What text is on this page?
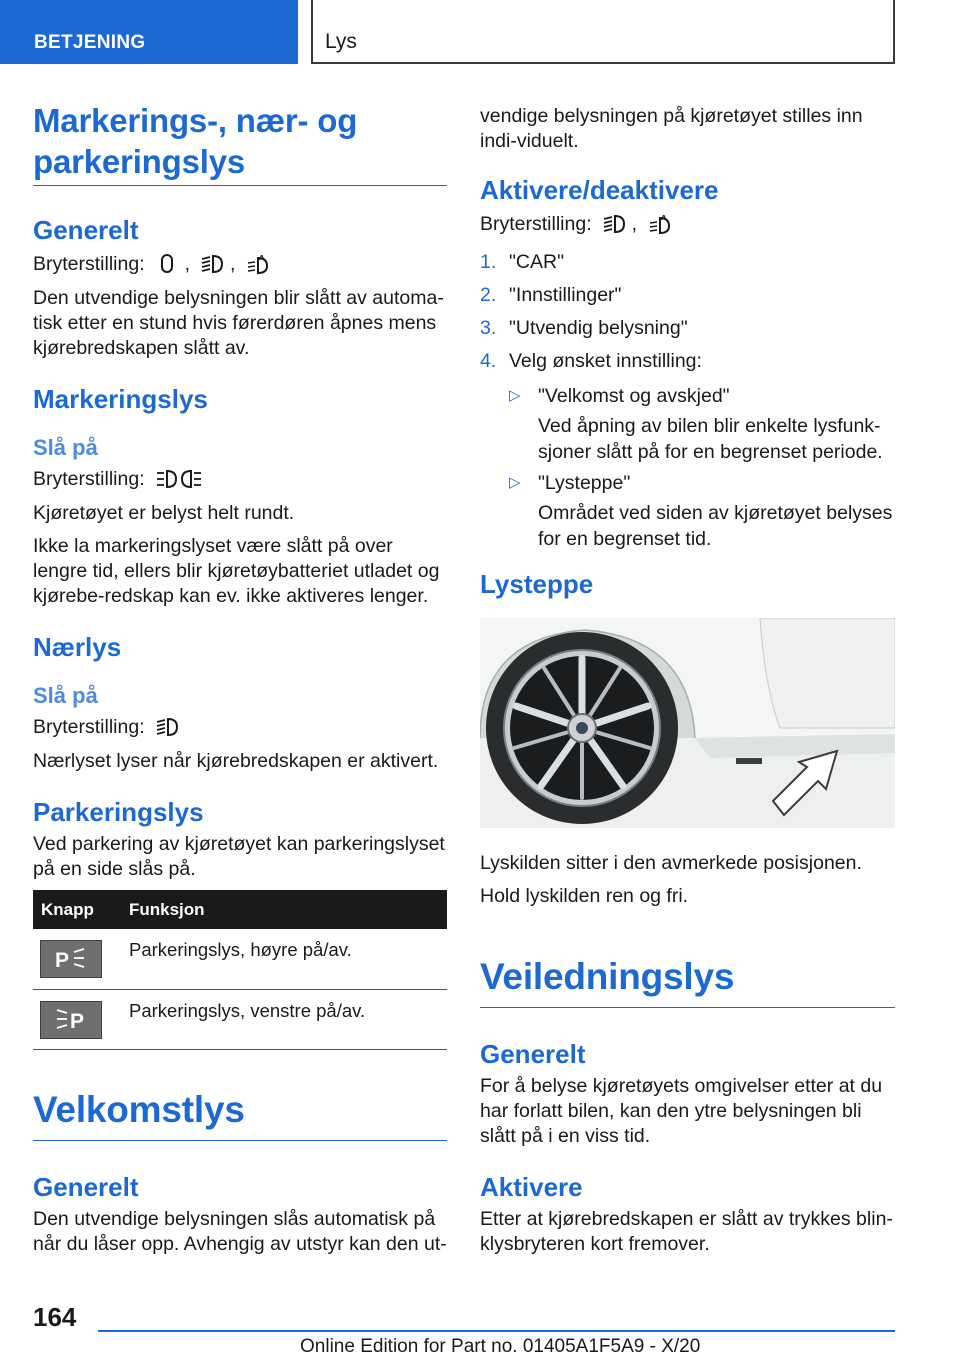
BETJENING	Lys
Markerings-, nær- og parkeringslys
Generelt
Bryterstilling: , ,	A
Den utvendige belysningen blir slått av automa-tisk etter en stund hvis førerdøren åpnes mens kjørebredskapen slått av.
Markeringslys
Slå på
Bryterstilling:
Kjøretøyet er belyst helt rundt.
Ikke la markeringslyset være slått på over lengre tid, ellers blir kjøretøybatteriet utladet og kjørebe-redskap kan ev. ikke aktiveres lenger.
Nærlys
Slå på
Bryterstilling:
Nærlyset lyser når kjørebredskapen er aktivert.
Parkeringslys
Ved parkering av kjøretøyet kan parkeringslyset på en side slås på.
Knapp	Funksjon

P	Parkeringslys, høyre på/av.

P	Parkeringslys, venstre på/av.
Velkomstlys
Generelt
Den utvendige belysningen slås automatisk på når du låser opp. Avhengig av utstyr kan den ut-
vendige belysningen på kjøretøyet stilles inn indi-viduelt.
Aktivere/deaktivere
Bryterstilling: ,	A
1. "CAR"
2. "Innstillinger"
3. "Utvendig belysning"
4. Velg ønsket innstilling:
▷ "Velkomst og avskjed"
Ved åpning av bilen blir enkelte lysfunk-sjoner slått på for en begrenset periode.
▷ "Lysteppe"
Området ved siden av kjøretøyet belyses for en begrenset tid.
Lysteppe
Lyskilden sitter i den avmerkede posisjonen.
Hold lyskilden ren og fri.
Veiledningslys
Generelt
For å belyse kjøretøyets omgivelser etter at du har forlatt bilen, kan den ytre belysningen bli slått på i en viss tid.
Aktivere
Etter at kjørebredskapen er slått av trykkes blin-klysbryteren kort fremover.
164
Online Edition for Part no. 01405A1F5A9 - X/20
